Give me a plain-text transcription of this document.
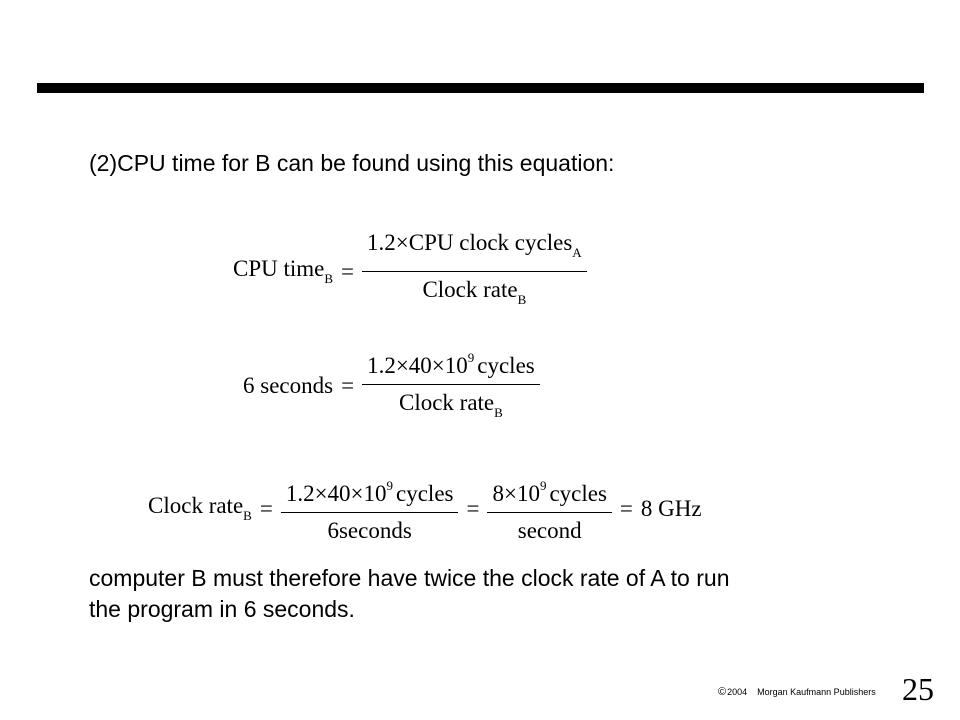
(2)CPU time for B can be found using this equation:
CPU time$_B$ = $\frac{1.2\times CPU clock cycles_A}{Clock rate_B}$
6 seconds = $\frac{1.2\times 40\times 10^9 cycles}{Clock rate_B}$
Clock rate$_B$ = $\frac{1.2\times 40\times 10^9 cycles}{\text{6seconds}} = \frac{8\times 10^9 cycles}{\text{second}} = 8$ GHz
computer B must therefore have twice the clock rate of A to run
the program in 6 seconds.
©2004 Morgan Kaufmann Publishers 25
